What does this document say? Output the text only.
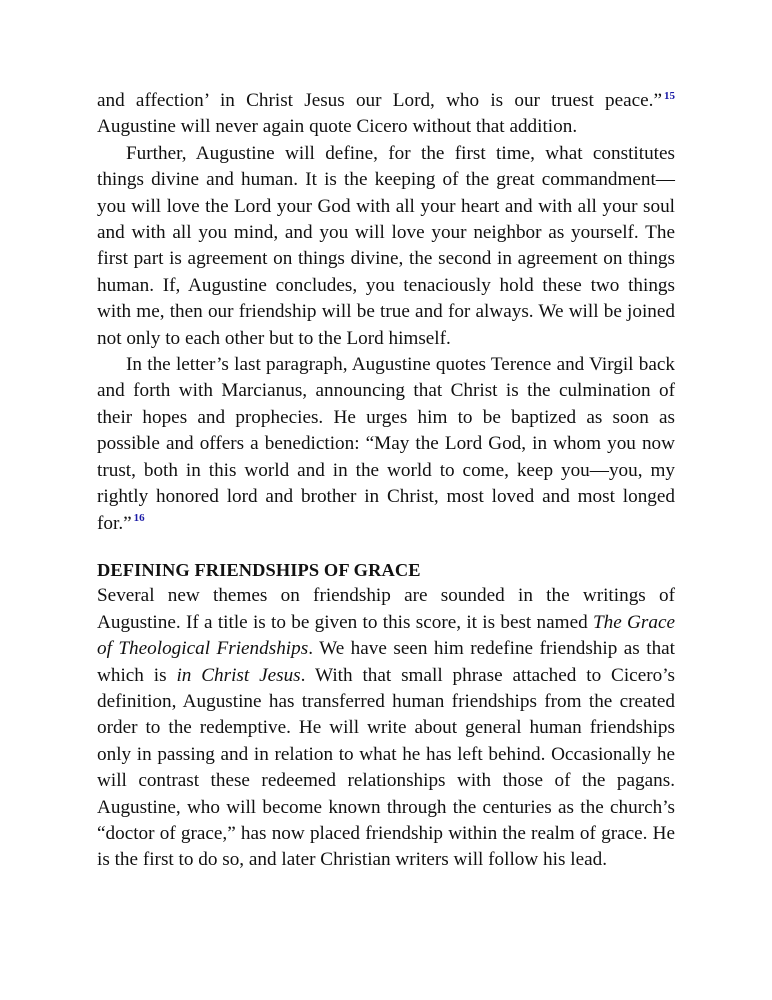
and affection’ in Christ Jesus our Lord, who is our truest peace.” $^{15}$ Augustine will never again quote Cicero without that addition.

Further, Augustine will define, for the first time, what constitutes things divine and human. It is the keeping of the great commandment—you will love the Lord your God with all your heart and with all your soul and with all you mind, and you will love your neighbor as yourself. The first part is agreement on things divine, the second in agreement on things human. If, Augustine concludes, you tenaciously hold these two things with me, then our friendship will be true and for always. We will be joined not only to each other but to the Lord himself.

In the letter’s last paragraph, Augustine quotes Terence and Virgil back and forth with Marcianus, announcing that Christ is the culmination of their hopes and prophecies. He urges him to be baptized as soon as possible and offers a benediction: “May the Lord God, in whom you now trust, both in this world and in the world to come, keep you—you, my rightly honored lord and brother in Christ, most loved and most longed for.” $^{16}$

DEFINING FRIENDSHIPS OF GRACE

Several new themes on friendship are sounded in the writings of Augustine. If a title is to be given to this score, it is best named The Grace of Theological Friendships. We have seen him redefine friendship as that which is in Christ Jesus. With that small phrase attached to Cicero’s definition, Augustine has transferred human friendships from the created order to the redemptive. He will write about general human friendships only in passing and in relation to what he has left behind. Occasionally he will contrast these redeemed relationships with those of the pagans. Augustine, who will become known through the centuries as the church’s “doctor of grace,” has now placed friendship within the realm of grace. He is the first to do so, and later Christian writers will follow his lead.
